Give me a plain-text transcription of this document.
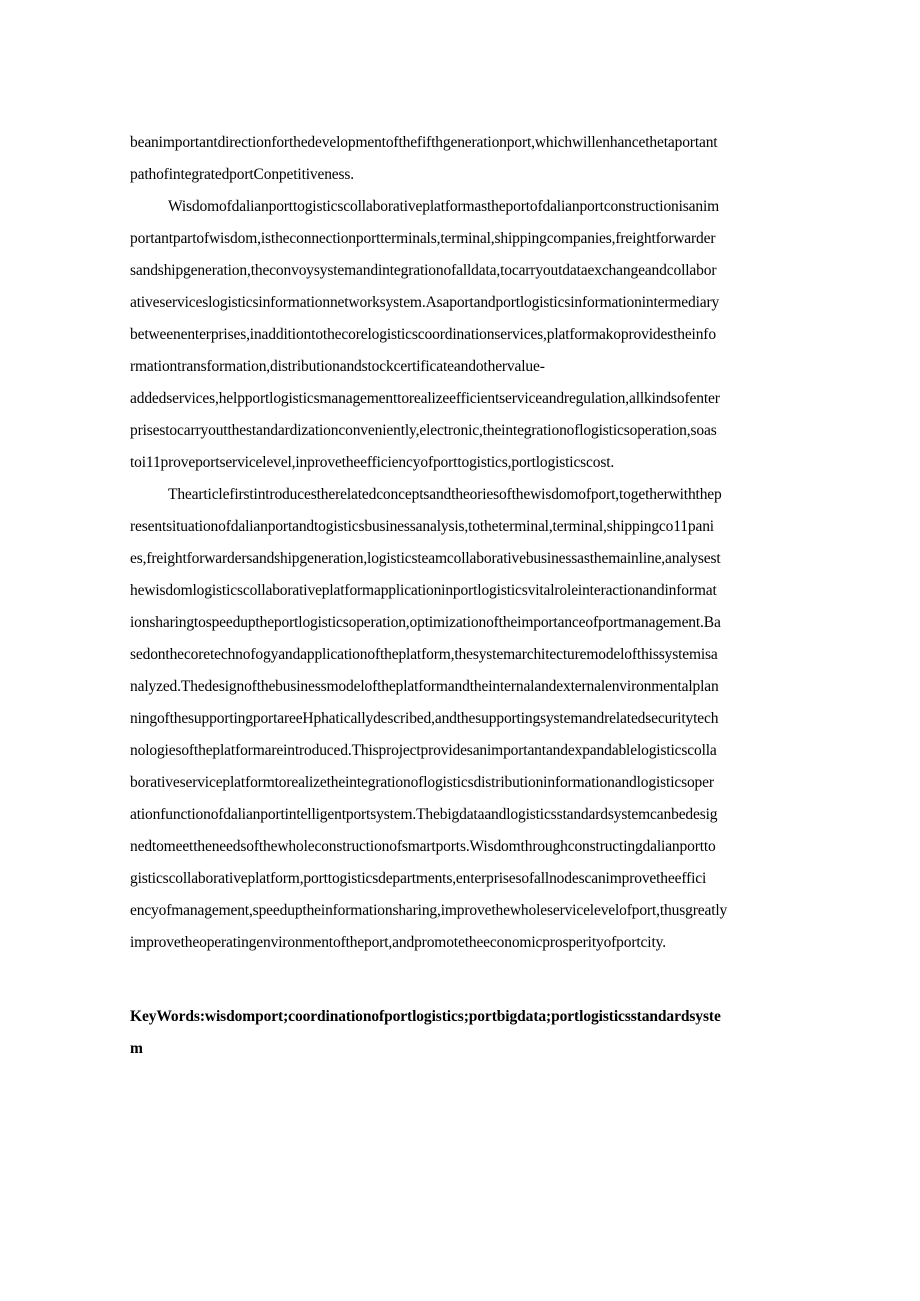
beanimportantdirectionforthedevelopmentofthefifthgenerationport,whichwillenhancethetaportant
pathofintegratedportConpetitiveness.
Wisdomofdalianporttogisticscollaborativeplatformastheportofdalianportconstructionisanim
portantpartofwisdom,istheconnectionportterminals,terminal,shippingcompanies,freightforwarder
sandshipgeneration,theconvoysystemandintegrationofalldata,tocarryoutdataexchangeandcollabor
ativeserviceslogisticsinformationnetworksystem.Asaportandportlogisticsinformationintermediary
betweenenterprises,inadditiontothecorelogisticscoordinationservices,platformakoprovidestheinfo
rmationtransformation,distributionandstockcertificateandothervalue-
addedservices,helpportlogisticsmanagementtorealizeefficientserviceandregulation,allkindsofenter
prisestocarryoutthestandardizationconveniently,electronic,theintegrationoflogisticsoperation,soas
toi11proveportservicelevel,inprovetheefficiencyofporttogistics,portlogisticscost.
Thearticlefirstintroducestherelatedconceptsandtheoriesofthewisdomofport,togetherwiththep
resentsituationofdalianportandtogisticsbusinessanalysis,totheterminal,terminal,shippingco11pani
es,freightforwardersandshipgeneration,logisticsteamcollaborativebusinessasthemainline,analysest
hewisdomlogisticscollaborativeplatformapplicationinportlogisticsvitalroleinteractionandinformat
ionsharingtospeeduptheportlogisticsoperation,optimizationoftheimportanceofportmanagement.Ba
sedonthecoretechnofogyandapplicationoftheplatform,thesystemarchitecturemodelofthissystemisa
nalyzed.Thedesignofthebusinessmodeloftheplatformandtheinternalandexternalenvironmentalplan
ningofthesupportingportareeHphaticallydescribed,andthesupportingsystemandrelatedsecuritytech
nologiesoftheplatformareintroduced.Thisprojectprovidesanimportantandexpandablelogisticscolla
borativeserviceplatformtorealizetheintegrationoflogisticsdistributioninformationandlogisticsoper
ationfunctionofdalianportintelligentportsystem.Thebigdataandlogisticsstandardsystemcanbedesig
nedtomeettheneedsofthewholeconstructionofsmartports.Wisdomthroughconstructingdalianportto
gisticscollaborativeplatform,porttogisticsdepartments,enterprisesofallnodescanimprovetheeffici
encyofmanagement,speeduptheinformationsharing,improvethewholeservicelevelofport,thusgreatly
improvetheoperatingenvironmentoftheport,andpromotetheeconomicprosperityofportcity.
KeyWords:wisdomport;coordinationofportlogistics;portbigdata;portlogisticsstandardsyste
m
